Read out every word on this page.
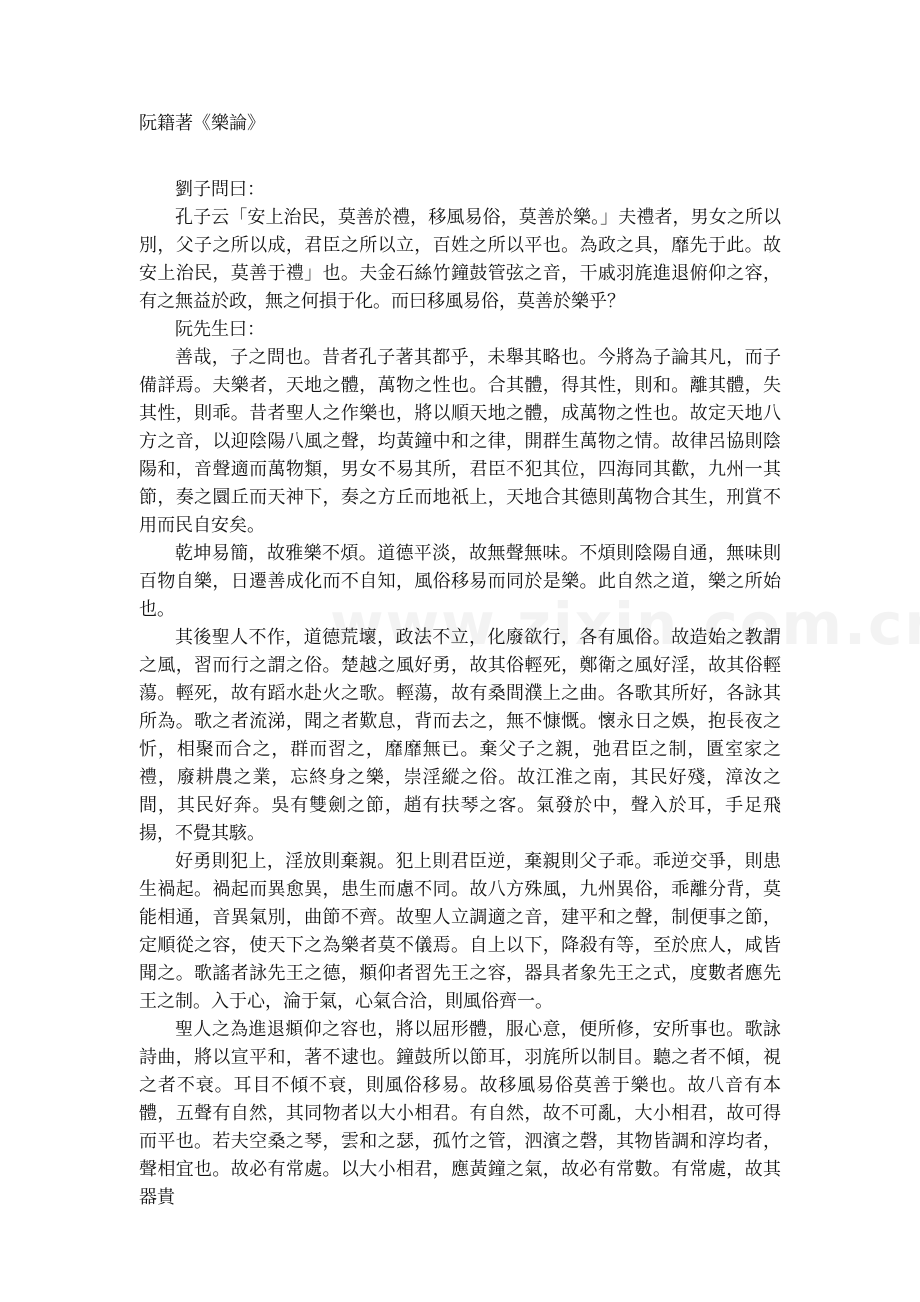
阮籍著《樂論》

劉子問曰：

孔子云「安上治民，莫善於禮，移風易俗，莫善於樂。」夫禮者，男女之所以別，父子之所以成，君臣之所以立，百姓之所以平也。為政之具，靡先于此。故安上治民，莫善于禮」也。夫金石絲竹鐘鼓管弦之音，干戚羽旄進退俯仰之容，有之無益於政，無之何損于化。而曰移風易俗，莫善於樂乎？

阮先生曰：

善哉，子之問也。昔者孔子著其都乎，未舉其略也。今將為子論其凡，而子備詳焉。夫樂者，天地之體，萬物之性也。合其體，得其性，則和。離其體，失其性，則乖。昔者聖人之作樂也，將以順天地之體，成萬物之性也。故定天地八方之音，以迎陰陽八風之聲，均黃鐘中和之律，開群生萬物之情。故律呂協則陰陽和，音聲適而萬物類，男女不易其所，君臣不犯其位，四海同其歡，九州一其節，奏之圜丘而天神下，奏之方丘而地祇上，天地合其德則萬物合其生，刑賞不用而民自安矣。

乾坤易簡，故雅樂不煩。道德平淡，故無聲無味。不煩則陰陽自通，無味則百物自樂，日遷善成化而不自知，風俗移易而同於是樂。此自然之道，樂之所始也。

其後聖人不作，道德荒壞，政法不立，化廢欲行，各有風俗。故造始之教謂之風，習而行之謂之俗。楚越之風好勇，故其俗輕死，鄭衛之風好淫，故其俗輕蕩。輕死，故有蹈水赴火之歌。輕蕩，故有桑間濮上之曲。各歌其所好，各詠其所為。歌之者流涕，聞之者歎息，背而去之，無不慷慨。懷永日之娛，抱長夜之忻，相聚而合之，群而習之，靡靡無已。棄父子之親，弛君臣之制，匱室家之禮，廢耕農之業，忘終身之樂，崇淫縱之俗。故江淮之南，其民好殘，漳汝之間，其民好奔。吳有雙劍之節，趙有扶琴之客。氣發於中，聲入於耳，手足飛揚，不覺其駭。

好勇則犯上，淫放則棄親。犯上則君臣逆，棄親則父子乖。乖逆交爭，則患生禍起。禍起而異愈異，患生而慮不同。故八方殊風，九州異俗，乖離分背，莫能相通，音異氣別，曲節不齊。故聖人立調適之音，建平和之聲，制便事之節，定順從之容，使天下之為樂者莫不儀焉。自上以下，降殺有等，至於庶人，咸皆聞之。歌謠者詠先王之德，頫仰者習先王之容，器具者象先王之式，度數者應先王之制。入于心，淪于氣，心氣合洽，則風俗齊一。

聖人之為進退頫仰之容也，將以屈形體，服心意，便所修，安所事也。歌詠詩曲，將以宣平和，著不逮也。鐘鼓所以節耳，羽旄所以制目。聽之者不傾，視之者不衰。耳目不傾不衰，則風俗移易。故移風易俗莫善于樂也。故八音有本體，五聲有自然，其同物者以大小相君。有自然，故不可亂，大小相君，故可得而平也。若夫空桑之琴，雲和之瑟，孤竹之管，泗濱之磬，其物皆調和淳均者，聲相宜也。故必有常處。以大小相君，應黃鐘之氣，故必有常數。有常處，故其器貴
